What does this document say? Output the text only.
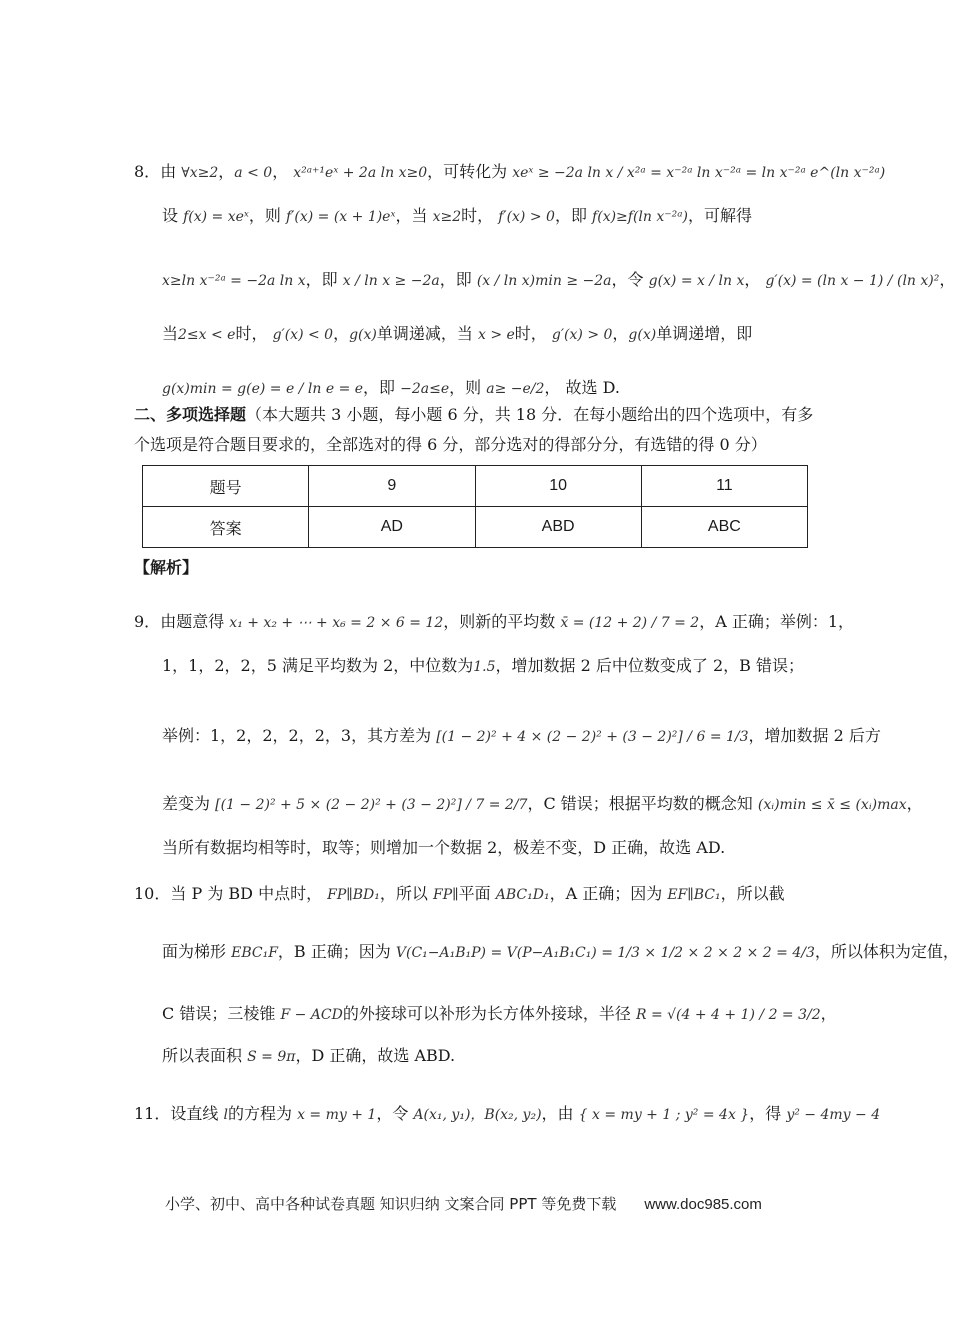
8．由 ∀x≥2，a < 0， x²ᵃ⁺¹eˣ + 2a ln x≥0，可转化为 xeˣ ≥ −2a ln x / x²ᵃ = x⁻²ᵃ ln x⁻²ᵃ = ln x⁻²ᵃ e^(ln x⁻²ᵃ)
设 f(x) = xeˣ，则 f′(x) = (x + 1)eˣ，当 x≥2时， f′(x) > 0，即 f(x)≥f(ln x⁻²ᵃ)，可解得
x≥ln x⁻²ᵃ = −2a ln x，即 x / ln x ≥ −2a，即 (x / ln x)min ≥ −2a，令 g(x) = x / ln x， g′(x) = (ln x − 1) / (ln x)²，
当2≤x < e时， g′(x) < 0，g(x)单调递减，当 x > e时， g′(x) > 0，g(x)单调递增，即
g(x)min = g(e) = e / ln e = e，即 −2a≤e，则 a≥ −e/2， 故选 D.
二、多项选择题（本大题共 3 小题，每小题 6 分，共 18 分．在每小题给出的四个选项中，有多个选项是符合题目要求的，全部选对的得 6 分，部分选对的得部分分，有选错的得 0 分）
题号	9	10	11
答案	AD	ABD	ABC
【解析】
9．由题意得 x₁ + x₂ + ⋯ + x₆ = 2 × 6 = 12，则新的平均数 x̄ = (12 + 2) / 7 = 2，A 正确；举例：1，
1，1，2，2，5 满足平均数为 2，中位数为1.5，增加数据 2 后中位数变成了 2，B 错误；
举例：1，2，2，2，2，3，其方差为 [(1 − 2)² + 4 × (2 − 2)² + (3 − 2)²] / 6 = 1/3，增加数据 2 后方
差变为 [(1 − 2)² + 5 × (2 − 2)² + (3 − 2)²] / 7 = 2/7，C 错误；根据平均数的概念知 (xᵢ)min ≤ x̄ ≤ (xᵢ)max，
当所有数据均相等时，取等；则增加一个数据 2，极差不变，D 正确，故选 AD.
10．当 P 为 BD 中点时， FP∥BD₁，所以 FP∥平面 ABC₁D₁，A 正确；因为 EF∥BC₁，所以截
面为梯形 EBC₁F，B 正确；因为 V(C₁−A₁B₁P) = V(P−A₁B₁C₁) = 1/3 × 1/2 × 2 × 2 × 2 = 4/3，所以体积为定值，
C 错误；三棱锥 F − ACD的外接球可以补形为长方体外接球，半径 R = √(4 + 4 + 1) / 2 = 3/2，
所以表面积 S = 9π，D 正确，故选 ABD.
11．设直线 l的方程为 x = my + 1，令 A(x₁, y₁)，B(x₂, y₂)，由 { x = my + 1 ; y² = 4x }，得 y² − 4my − 4
小学、初中、高中各种试卷真题 知识归纳 文案合同 PPT 等免费下载 www.doc985.com
